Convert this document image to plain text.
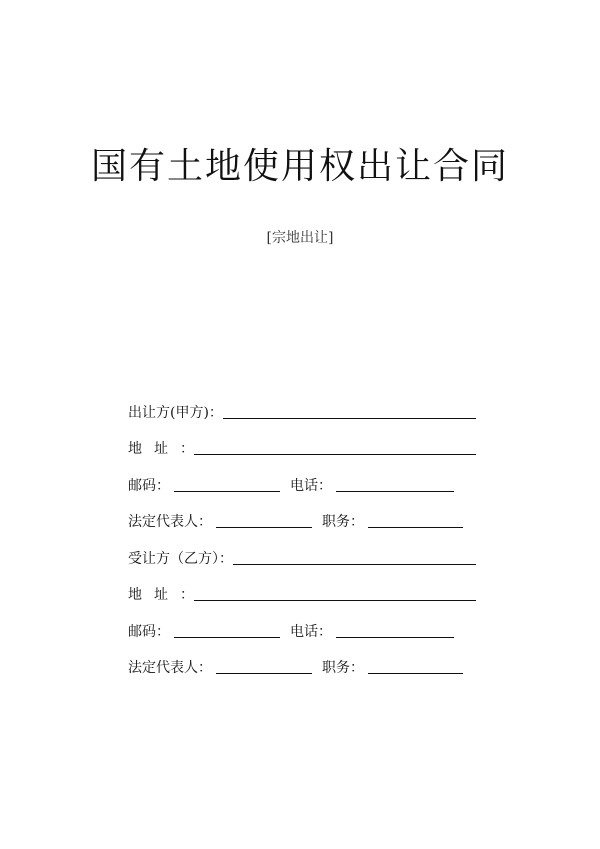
国有土地使用权出让合同
[宗地出让]
出让方(甲方)：
地址：
邮码：	电话：
法定代表人：	职务：
受让方（乙方）：
地址：
邮码：	电话：
法定代表人：	职务：
